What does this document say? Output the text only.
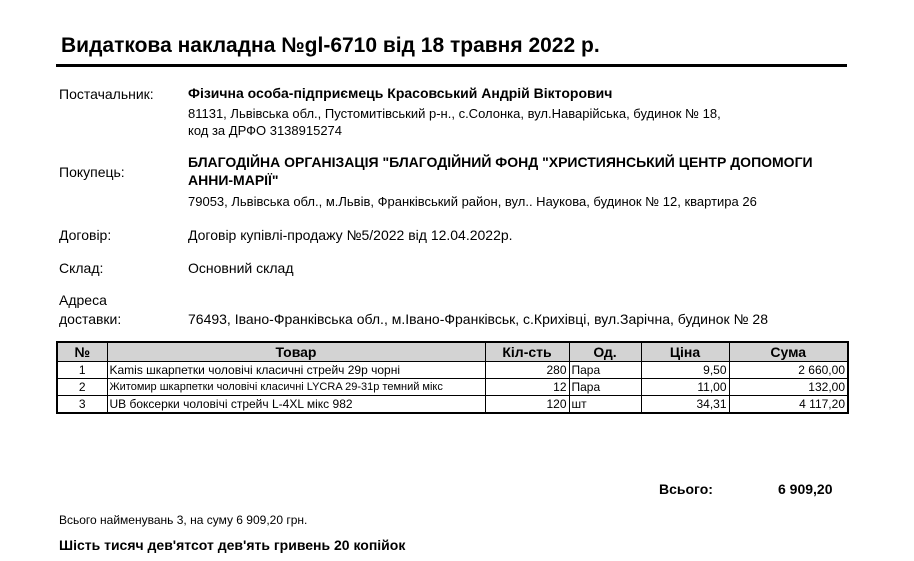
Видаткова накладна №gl-6710 від 18 травня 2022 р.
Постачальник: Фізична особа-підприємець Красовський Андрій Вікторович
81131, Львівська обл., Пустомитівський р-н., с.Солонка, вул.Наварійська, будинок № 18,
код за ДРФО 3138915274
Покупець:
БЛАГОДІЙНА ОРГАНІЗАЦІЯ "БЛАГОДІЙНИЙ ФОНД "ХРИСТИЯНСЬКИЙ ЦЕНТР ДОПОМОГИ
АННИ-МАРІЇ"
79053, Львівська обл., м.Львів, Франківський район, вул.. Наукова, будинок № 12, квартира 26
Договір:	Договір купівлі-продажу №5/2022 від 12.04.2022р.
Склад:	Основний склад
Адреса
доставки:	76493, Івано-Франківська обл., м.Івано-Франківськ, с.Крихівці, вул.Зарічна, будинок № 28
№	Товар	Кіл-сть	Од.	Ціна	Сума
1	Kamis шкарпетки чоловічі класичні стрейч 29р чорні	280	Пара	9,50	2 660,00
2	Житомир шкарпетки чоловічі класичні LYCRA 29-31р темний мікс	12	Пара	11,00	132,00
3	UB боксерки чоловічі стрейч L-4XL мікс 982	120	шт	34,31	4 117,20
Всього:	6 909,20
Всього найменувань 3, на суму 6 909,20 грн.
Шість тисяч дев'ятсот дев'ять гривень 20 копійок
